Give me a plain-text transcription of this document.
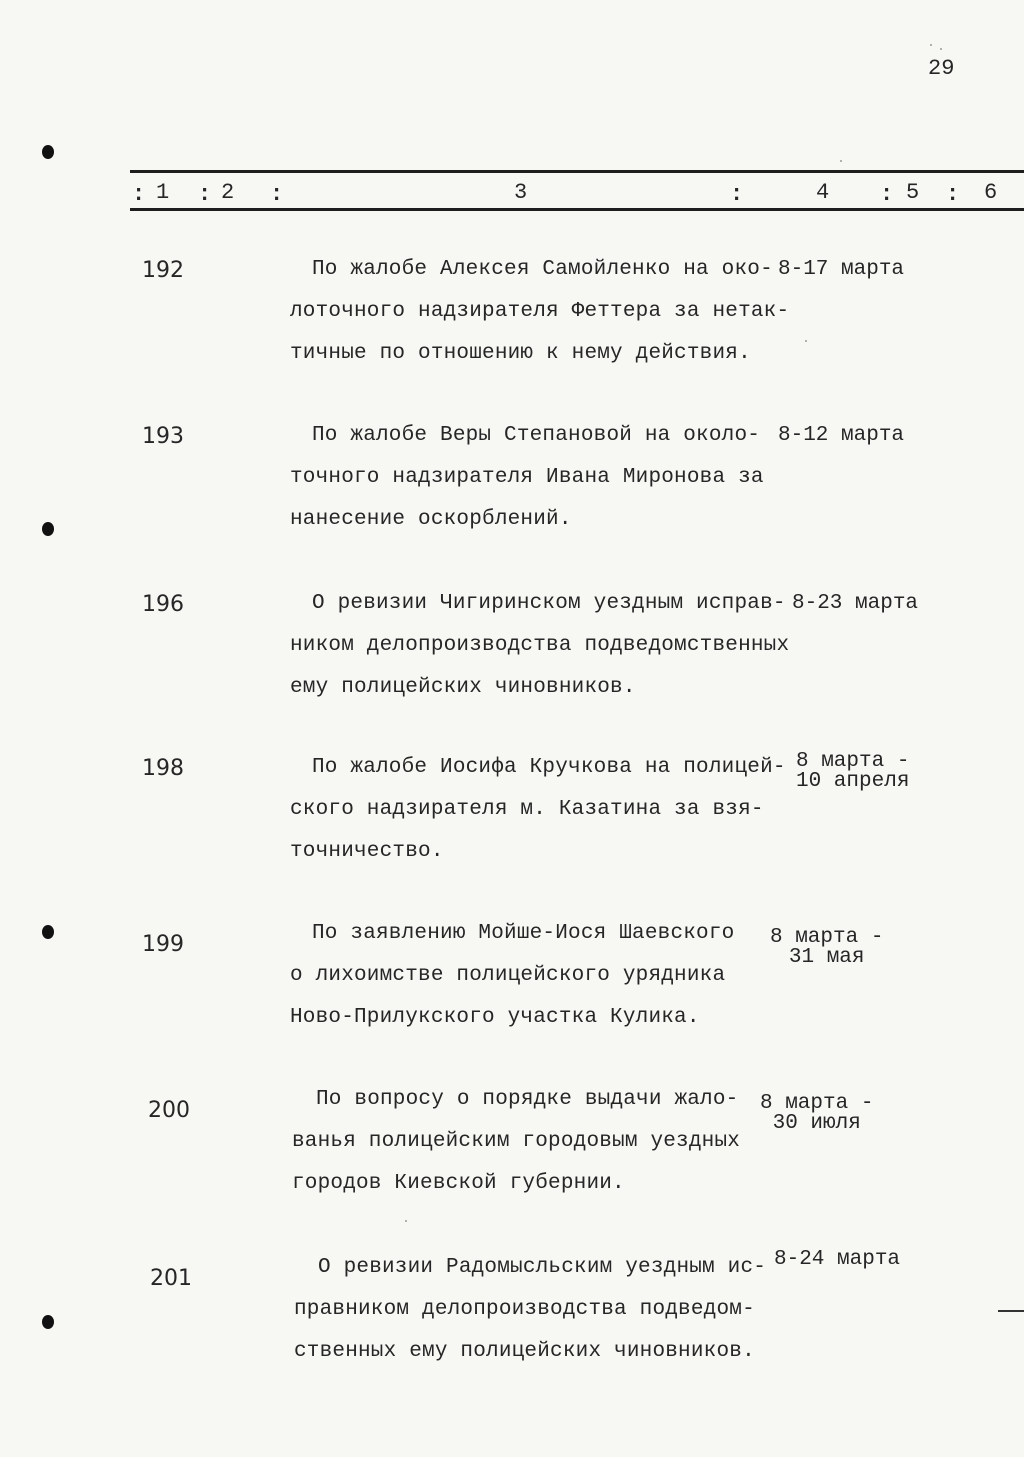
29
: 1 : 2 :	3	:	4 : 5 : 6
192	По жалобе Алексея Самойленко на око-
лоточного надзирателя Феттера за нетак-
тичные по отношению к нему действия.
8-17 марта
193	По жалобе Веры Степановой на около-
точного надзирателя Ивана Миронова за
нанесение оскорблений.
8-12 марта
196	О ревизии Чигиринском уездным исправ-
ником делопроизводства подведомственных
ему полицейских чиновников.
8-23 марта
198	По жалобе Иосифа Кручкова на полицей-
ского надзирателя м. Казатина за взя-
точничество.
8 марта -
10 апреля
199	По заявлению Мойше-Иося Шаевского
о лихоимстве полицейского урядника
Ново-Прилукского участка Кулика.
8 марта -
31 мая
200	По вопросу о порядке выдачи жало-
ванья полицейским городовым уездных
городов Киевской губернии.
8 марта -
30 июля
201	О ревизии Радомысльским уездным ис-
правником делопроизводства подведом-
ственных ему полицейских чиновников.
8-24 марта
